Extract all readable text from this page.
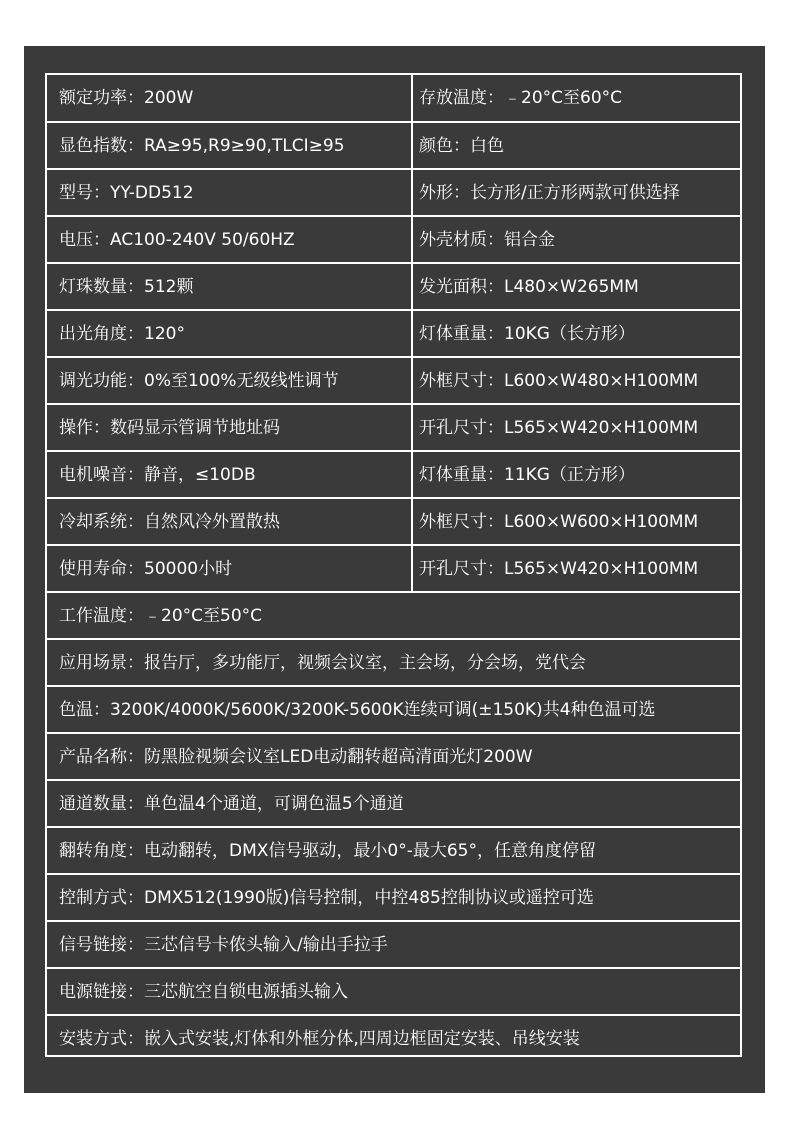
额定功率：200W	存放温度：﹣20°C至60°C
显色指数：RA≥95,R9≥90,TLCI≥95	颜色：白色
型号：YY-DD512	外形：长方形/正方形两款可供选择
电压：AC100-240V 50/60HZ	外壳材质：铝合金
灯珠数量：512颗	发光面积：L480×W265MM
出光角度：120°	灯体重量：10KG（长方形）
调光功能：0%至100%无级线性调节	外框尺寸：L600×W480×H100MM
操作：数码显示管调节地址码	开孔尺寸：L565×W420×H100MM
电机噪音：静音，≤10DB	灯体重量：11KG（正方形）
冷却系统：自然风冷外置散热	外框尺寸：L600×W600×H100MM
使用寿命：50000小时	开孔尺寸：L565×W420×H100MM
工作温度：﹣20°C至50°C
应用场景：报告厅，多功能厅，视频会议室，主会场，分会场，党代会
色温：3200K/4000K/5600K/3200K-5600K连续可调(±150K)共4种色温可选
产品名称：防黑脸视频会议室LED电动翻转超高清面光灯200W
通道数量：单色温4个通道，可调色温5个通道
翻转角度：电动翻转，DMX信号驱动，最小0°-最大65°，任意角度停留
控制方式：DMX512(1990版)信号控制，中控485控制协议或遥控可选
信号链接：三芯信号卡侬头输入/输出手拉手
电源链接：三芯航空自锁电源插头输入
安装方式：嵌入式安装,灯体和外框分体,四周边框固定安装、吊线安装
